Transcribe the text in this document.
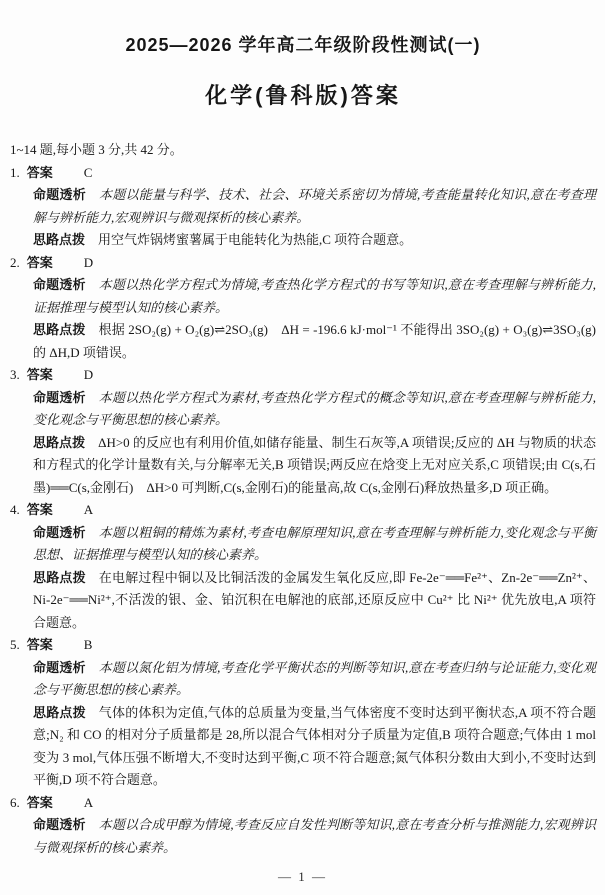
2025—2026 学年高二年级阶段性测试(一)
化学(鲁科版)答案

1~14 题,每小题 3 分,共 42 分。

1. 答案 C

命题透析 本题以能量与科学、技术、社会、环境关系密切为情境,考查能量转化知识,意在考查理解与辨析能力,宏观辨识与微观探析的核心素养。

思路点拨 用空气炸锅烤蜜薯属于电能转化为热能,C 项符合题意。

2. 答案 D

命题透析 本题以热化学方程式为情境,考查热化学方程式的书写等知识,意在考查理解与辨析能力,证据推理与模型认知的核心素养。

思路点拨 根据 2SO₂(g) + O₂(g)⇌2SO₃(g)　ΔH = -196.6 kJ·mol⁻¹ 不能得出 3SO₂(g) + O₃(g)⇌3SO₃(g)的 ΔH,D 项错误。

3. 答案 D

命题透析 本题以热化学方程式为素材,考查热化学方程式的概念等知识,意在考查理解与辨析能力,变化观念与平衡思想的核心素养。

思路点拨 ΔH>0 的反应也有利用价值,如储存能量、制生石灰等,A 项错误;反应的 ΔH 与物质的状态和方程式的化学计量数有关,与分解率无关,B 项错误;两反应在焓变上无对应关系,C 项错误;由 C(s,石墨)══C(s,金刚石)　ΔH>0 可判断,C(s,金刚石)的能量高,故 C(s,金刚石)释放热量多,D 项正确。

4. 答案 A

命题透析 本题以粗铜的精炼为素材,考查电解原理知识,意在考查理解与辨析能力,变化观念与平衡思想、证据推理与模型认知的核心素养。

思路点拨 在电解过程中铜以及比铜活泼的金属发生氧化反应,即 Fe-2e⁻══Fe²⁺、Zn-2e⁻══Zn²⁺、Ni-2e⁻══Ni²⁺,不活泼的银、金、铂沉积在电解池的底部,还原反应中 Cu²⁺ 比 Ni²⁺ 优先放电,A 项符合题意。

5. 答案 B

命题透析 本题以氮化铝为情境,考查化学平衡状态的判断等知识,意在考查归纳与论证能力,变化观念与平衡思想的核心素养。

思路点拨 气体的体积为定值,气体的总质量为变量,当气体密度不变时达到平衡状态,A 项不符合题意;N₂ 和 CO 的相对分子质量都是 28,所以混合气体相对分子质量为定值,B 项符合题意;气体由 1 mol 变为 3 mol,气体压强不断增大,不变时达到平衡,C 项不符合题意;氮气体积分数由大到小,不变时达到平衡,D 项不符合题意。

6. 答案 A

命题透析 本题以合成甲醇为情境,考查反应自发性判断等知识,意在考查分析与推测能力,宏观辨识与微观探析的核心素养。

— 1 —
